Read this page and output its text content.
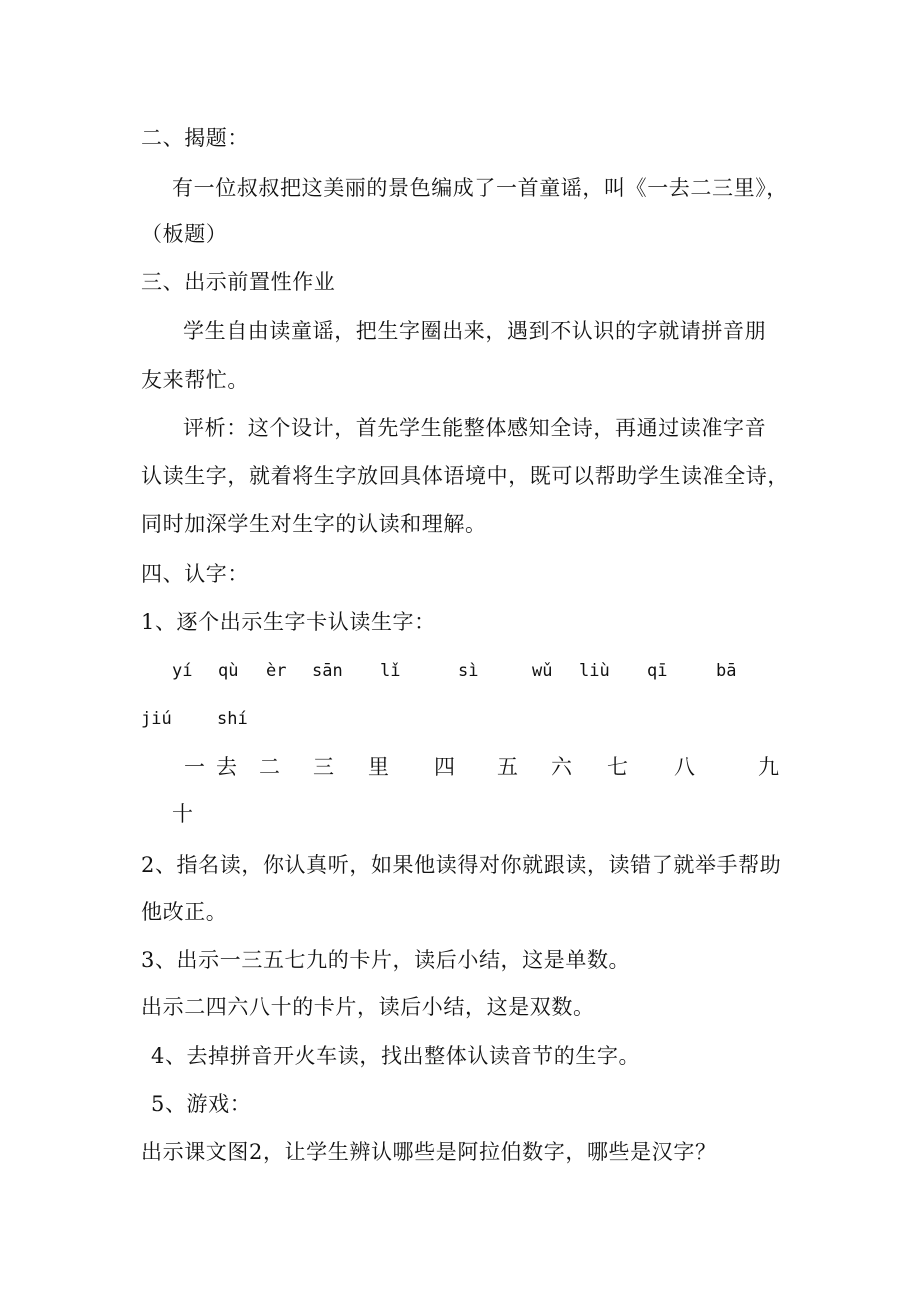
二、揭题：
有一位叔叔把这美丽的景色编成了一首童谣，叫《一去二三里》，
（板题）
三、出示前置性作业
学生自由读童谣，把生字圈出来，遇到不认识的字就请拼音朋
友来帮忙。
评析：这个设计，首先学生能整体感知全诗，再通过读准字音
认读生字，就着将生字放回具体语境中，既可以帮助学生读准全诗，
同时加深学生对生字的认读和理解。
四、认字：
1、逐个出示生字卡认读生字：
yí qù èr sān lǐ	sì	wǔ liù qī	bā
jiú	shí
一 去 二 三 里 四 五 六 七 八	九
十
2、指名读，你认真听，如果他读得对你就跟读，读错了就举手帮助
他改正。
3、出示一三五七九的卡片，读后小结，这是单数。
出示二四六八十的卡片，读后小结，这是双数。
4、去掉拼音开火车读，找出整体认读音节的生字。
5、游戏：
出示课文图2，让学生辨认哪些是阿拉伯数字，哪些是汉字？
